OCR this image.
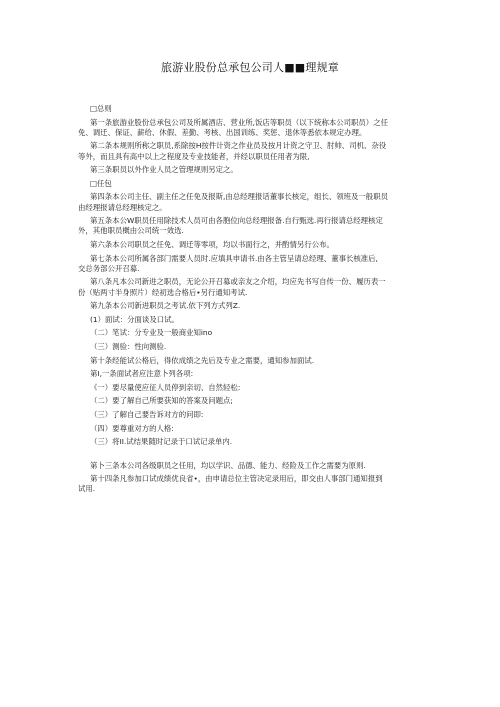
旅游业股份总承包公司人■■理规章
□总则
第一条旅游业股份总承包公司及所属酒店、营业所,饭店等职员（以下统称本公司职员）之任
免、调迁、保证、薪给、休假、差勤、考核、出国训练、奖惩、退休等悉依本规定办理。
第二条本规则所称之职员,系除按H按件计资之作业员及按月计资之守卫、肘帅、司机、杂役
等外，而且具有高中以上之程度及专业技能者，并经以职员任用者为限,
第三条职员以外作业人员之管理规则另定之。
□任包
第四条本公司主任、副主任之任免及报斯,由总经理报话董事长核定，组长、领班及一般职员
由经理报请总经理核定之。
第五条本公W职员任用除技术人员可由各胞位向总经理报备.自行甄选.再行报请总经理核定
外，其他职员概由公司统一效选.
第六条本公司职员之任免、调迁等零项，均以书面行之，并酌情另行公布。
第七条本公司所属各部门需要人员时.应填具申请书.由各主管呈请总经理、董事长核准后,
交总务部公开召募.
第八条凡本公司新进之职员，无论公开召募或亲友之介绍，均应先书写自传一份、履历表一
份（贴两寸半身照片）经初选合格后•另行通知考试.
第九条本公司新进职员之考试.依下列方式列Z.
(1）面试：分面谈及口试。
（二）笔试：分专业及一般商业知ino
（三）测验：性向测验.
第十条经能试公格后，得依成绩之先后及专业之需要，通知参加面试.
第I,一条面试者应注意卜列各项:
《一）要尽量使应征人员停到亲切、自然轻松:
（二）要了解自己所要获知的答案及问题点;
（三）了解自己要告诉对方的问即:
（四）要尊重对方的人格:
（三）将II.试结果随时记录于口试记录单内.
第卜三条本公司各级职员之任用，均以学识、品德、能力、经险及工作之需要为原则.
第十四条凡参加口试成绩优良省•，由申请总位主管决定录用后，即交由人事部门通知报到
试用.
